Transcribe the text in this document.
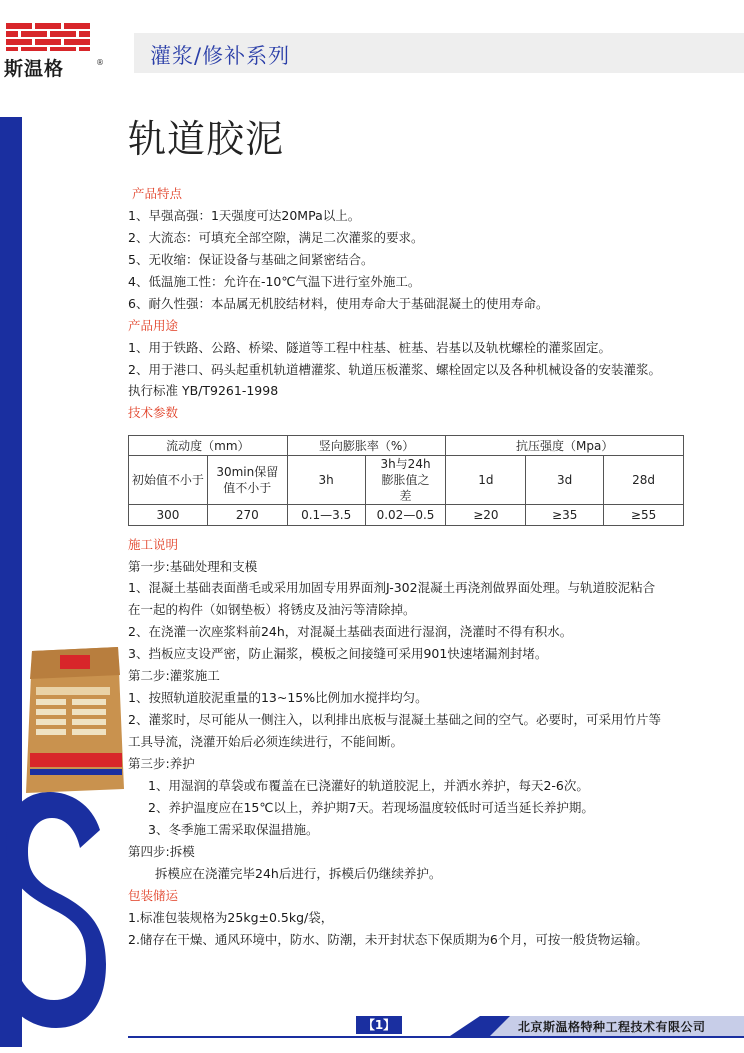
斯温格	® 灌浆/修补系列
轨道胶泥
产品特点
1、早强高强：1天强度可达20MPa以上。
2、大流态：可填充全部空隙，满足二次灌浆的要求。
5、无收缩：保证设备与基础之间紧密结合。
4、低温施工性：允许在-10℃气温下进行室外施工。
6、耐久性强：本品属无机胶结材料，使用寿命大于基础混凝土的使用寿命。
产品用途
1、用于铁路、公路、桥梁、隧道等工程中柱基、桩基、岩基以及轨枕螺栓的灌浆固定。
2、用于港口、码头起重机轨道槽灌浆、轨道压板灌浆、螺栓固定以及各种机械设备的安装灌浆。
执行标准 YB/T9261-1998
技术参数
流动度（mm）		竖向膨胀率（%）		抗压强度（Mpa）		
初始值不小于	30min保留值不小于	3h	3h与24h膨胀值之差	1d	3d	28d
300	270	0.1—3.5	0.02—0.5	≥20	≥35	≥55
施工说明
第一步:基础处理和支模
1、混凝土基础表面凿毛或采用加固专用界面剂J-302混凝土再浇剂做界面处理。与轨道胶泥粘合
在一起的构件（如钢垫板）将锈皮及油污等清除掉。
2、在浇灌一次座浆料前24h，对混凝土基础表面进行湿润，浇灌时不得有积水。
3、挡板应支设严密，防止漏浆，模板之间接缝可采用901快速堵漏剂封堵。
第二步:灌浆施工
1、按照轨道胶泥重量的13~15%比例加水搅拌均匀。
2、灌浆时，尽可能从一侧注入，以利排出底板与混凝土基础之间的空气。必要时，可采用竹片等
工具导流，浇灌开始后必须连续进行，不能间断。
第三步:养护
1、用湿润的草袋或布覆盖在已浇灌好的轨道胶泥上，并洒水养护，每天2-6次。
2、养护温度应在15℃以上，养护期7天。若现场温度较低时可适当延长养护期。
3、冬季施工需采取保温措施。
第四步:拆模
拆模应在浇灌完毕24h后进行，拆模后仍继续养护。
包装储运
1.标准包装规格为25kg±0.5kg/袋，
2.储存在干燥、通风环境中，防水、防潮，未开封状态下保质期为6个月，可按一般货物运输。
【1】	北京斯温格特种工程技术有限公司
